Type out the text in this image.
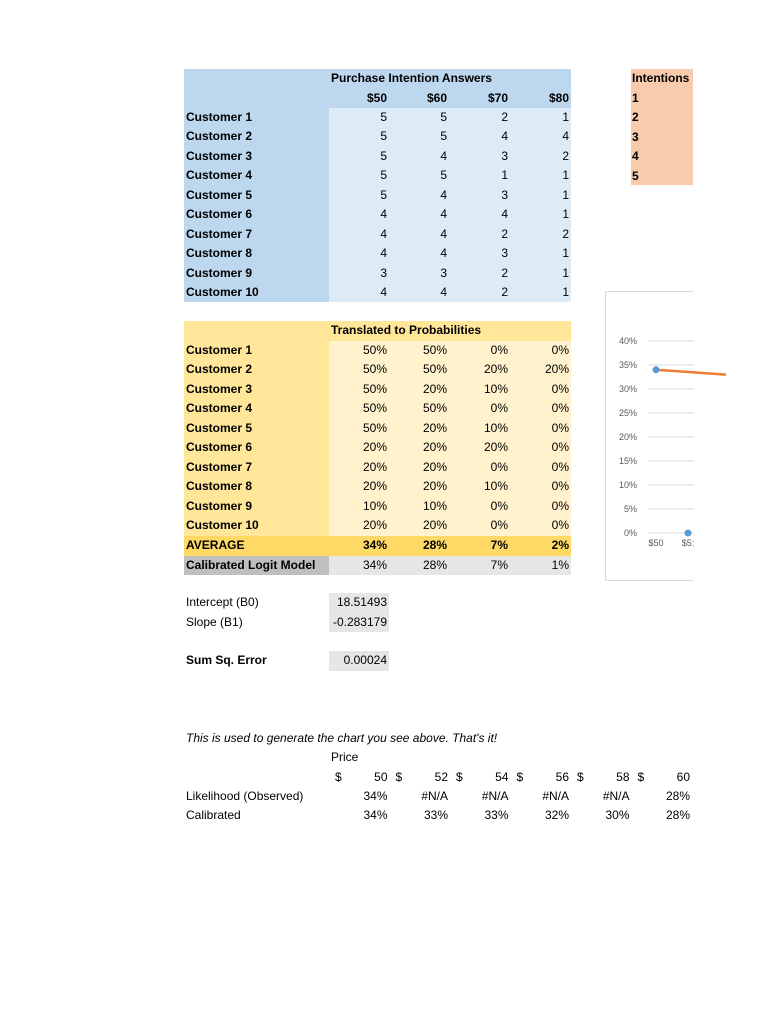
Purchase Intention Answers
$50	$60	$70	$80
Customer 1	5	5	2	1
Customer 2	5	5	4	4
Customer 3	5	4	3	2
Customer 4	5	5	1	1
Customer 5	5	4	3	1
Customer 6	4	4	4	1
Customer 7	4	4	2	2
Customer 8	4	4	3	1
Customer 9	3	3	2	1
Customer 10	4	4	2	1
Intentions
1
2
3
4
5
Translated to Probabilities
Customer 1	50%	50%	0%	0%
Customer 2	50%	50%	20%	20%
Customer 3	50%	20%	10%	0%
Customer 4	50%	50%	0%	0%
Customer 5	50%	20%	10%	0%
Customer 6	20%	20%	20%	0%
Customer 7	20%	20%	0%	0%
Customer 8	20%	20%	10%	0%
Customer 9	10%	10%	0%	0%
Customer 10	20%	20%	0%	0%
AVERAGE	34%	28%	7%	2%
Calibrated Logit Model	34%	28%	7%	1%
40%
35%
30%
25%
20%
15%
10%
5%
0%
$50 $5:
Intercept (B0)	18.51493
Slope (B1)	-0.283179
Sum Sq. Error	0.00024
This is used to generate the chart you see above. That's it!
Price
$	50 $	52 $	54 $	56 $	58 $	60
Likelihood (Observed)	34%	#N/A	#N/A	#N/A	#N/A	28%
Calibrated	34%	33%	33%	32%	30%	28%
